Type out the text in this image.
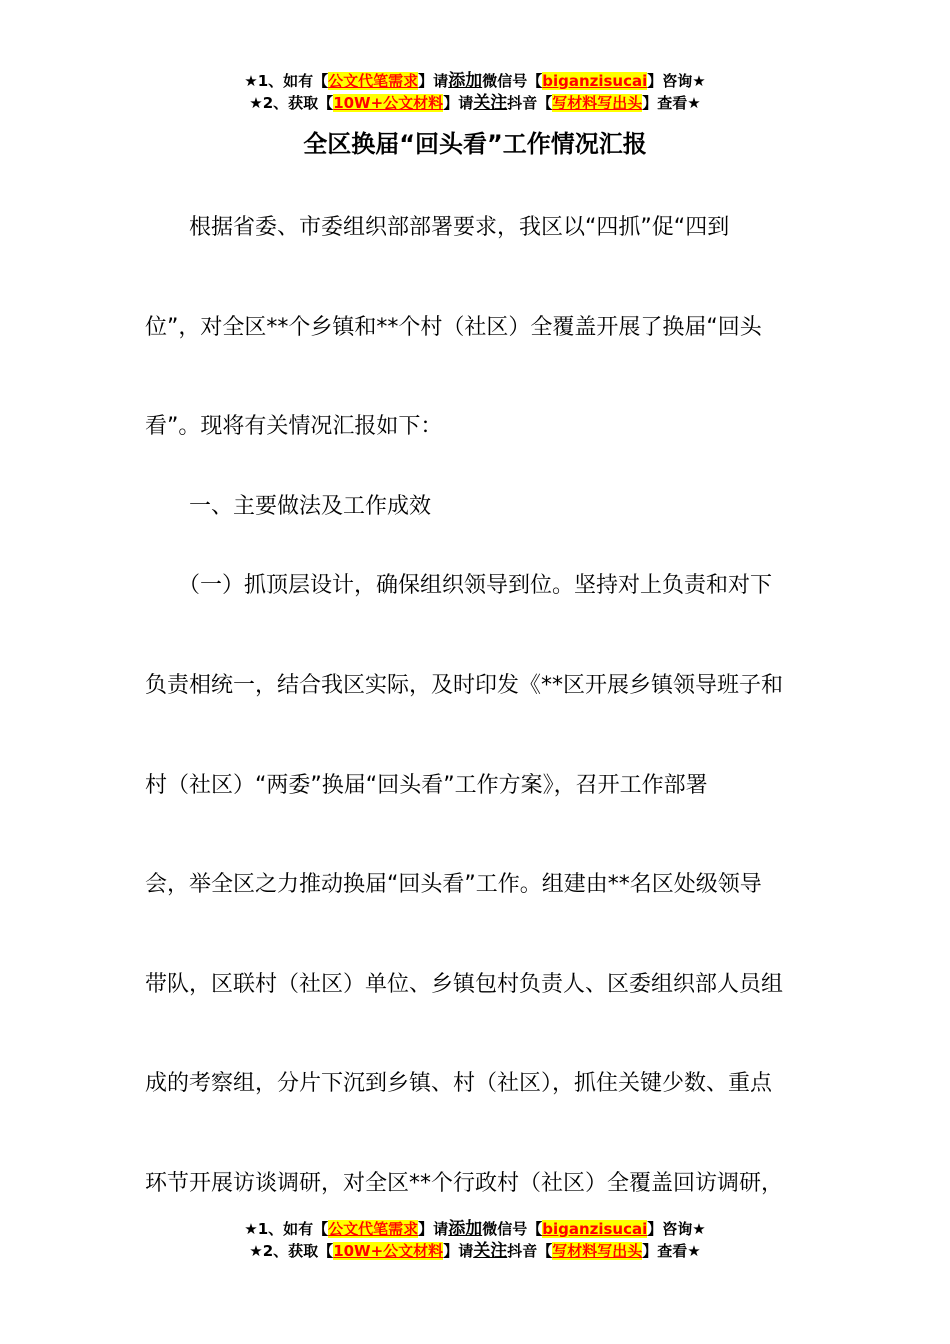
★1、如有【公文代笔需求】请添加微信号【biganzisucai】咨询★
★2、获取【10W+公文材料】请关注抖音【写材料写出头】查看★
全区换届“回头看”工作情况汇报
根据省委、市委组织部部署要求，我区以“四抓”促“四到
位”，对全区**个乡镇和**个村（社区）全覆盖开展了换届“回头
看”。现将有关情况汇报如下：
一、主要做法及工作成效
（一）抓顶层设计，确保组织领导到位。坚持对上负责和对下
负责相统一，结合我区实际，及时印发《**区开展乡镇领导班子和
村（社区）“两委”换届“回头看”工作方案》，召开工作部署
会，举全区之力推动换届“回头看”工作。组建由**名区处级领导
带队，区联村（社区）单位、乡镇包村负责人、区委组织部人员组
成的考察组，分片下沉到乡镇、村（社区），抓住关键少数、重点
环节开展访谈调研，对全区**个行政村（社区）全覆盖回访调研，
★1、如有【公文代笔需求】请添加微信号【biganzisucai】咨询★
★2、获取【10W+公文材料】请关注抖音【写材料写出头】查看★
